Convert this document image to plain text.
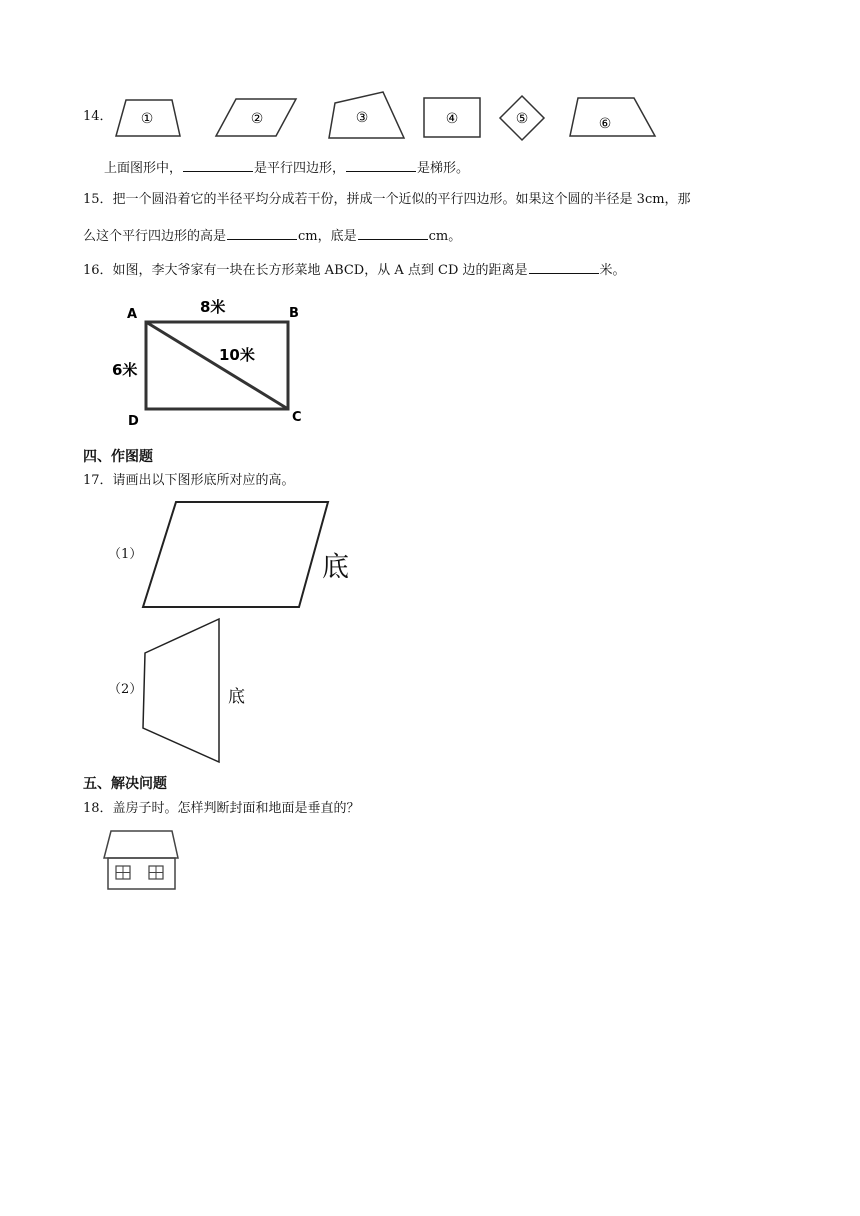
14． ①	②	③	④	⑤	⑥
上面图形中，	是平行四边形，	是梯形。
15．把一个圆沿着它的半径平均分成若干份，拼成一个近似的平行四边形。如果这个圆的半径是 3cm，那
么这个平行四边形的高是	cm，底是	cm。
16．如图，李大爷家有一块在长方形菜地 ABCD，从 A 点到 CD 边的距离是	米。
A	B
C
D
8米
6米
10米
四、作图题
17．请画出以下图形底所对应的高。
（1）	底
（2）	底
五、解决问题
18．盖房子时。怎样判断封面和地面是垂直的？
